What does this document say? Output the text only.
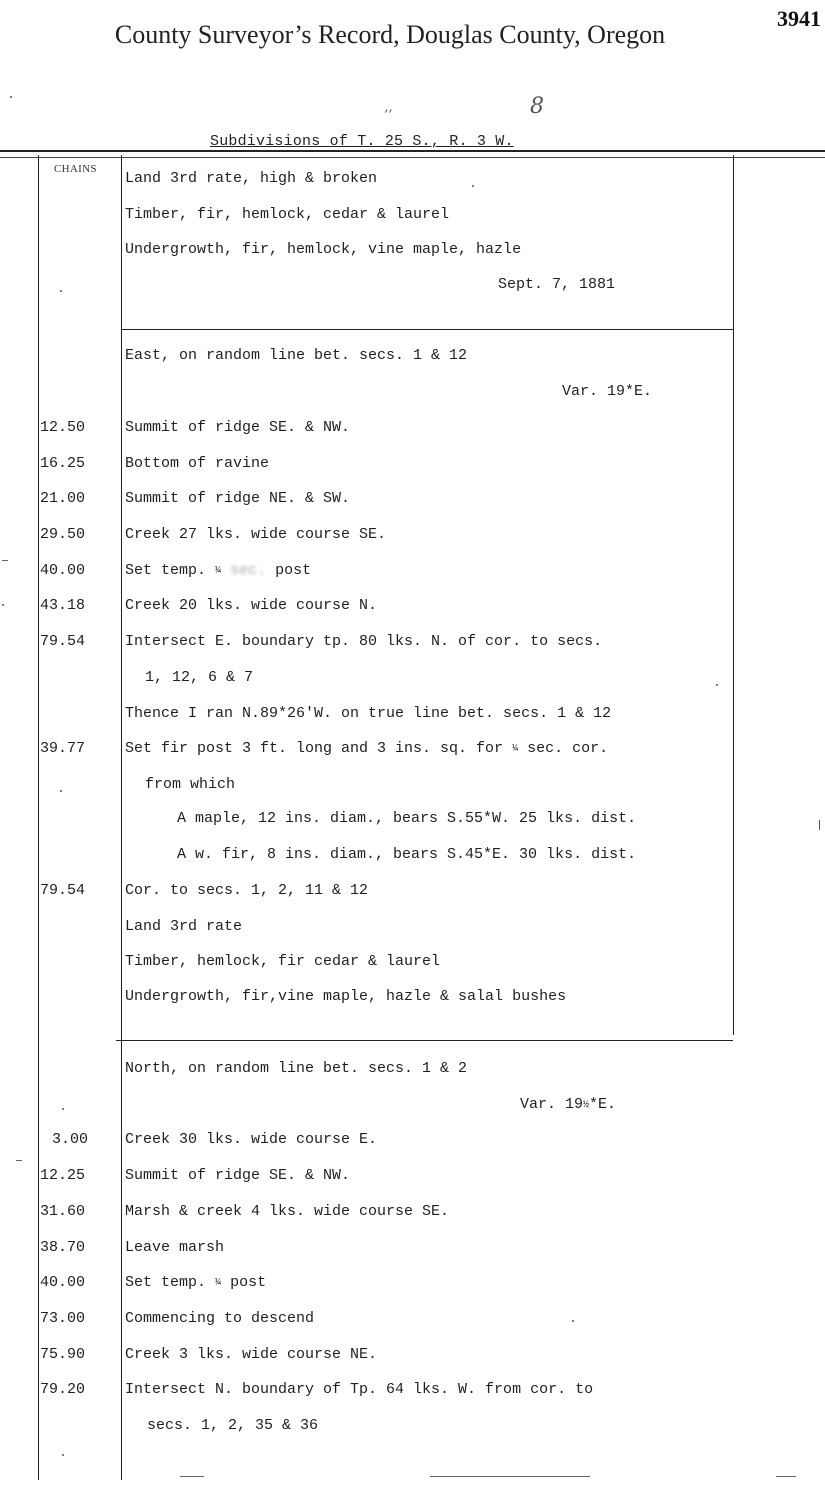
County Surveyor’s Record, Douglas County, Oregon
3941
’’	8
Subdivisions of T. 25 S., R. 3 W.
CHAINS
Land 3rd rate, high & broken
Timber, fir, hemlock, cedar & laurel
Undergrowth, fir, hemlock, vine maple, hazle
Sept. 7, 1881
East, on random line bet. secs. 1 & 12
Var. 19*E.
12.50	Summit of ridge SE. & NW.
16.25	Bottom of ravine
21.00	Summit of ridge NE. & SW.
29.50	Creek 27 lks. wide course SE.
40.00	Set temp. ¼ sec. post
43.18	Creek 20 lks. wide course N.
79.54	Intersect E. boundary tp. 80 lks. N. of cor. to secs.
1, 12, 6 & 7
Thence I ran N.89*26'W. on true line bet. secs. 1 & 12
39.77	Set fir post 3 ft. long and 3 ins. sq. for ¼ sec. cor.
from which
A maple, 12 ins. diam., bears S.55*W. 25 lks. dist.
A w. fir, 8 ins. diam., bears S.45*E. 30 lks. dist.
79.54	Cor. to secs. 1, 2, 11 & 12
Land 3rd rate
Timber, hemlock, fir cedar & laurel
Undergrowth, fir,vine maple, hazle & salal bushes
North, on random line bet. secs. 1 & 2
Var. 19½*E.
3.00 Creek 30 lks. wide course E.
12.25	Summit of ridge SE. & NW.
31.60	Marsh & creek 4 lks. wide course SE.
38.70	Leave marsh
40.00	Set temp. ¼ post
73.00	Commencing to descend
75.90	Creek 3 lks. wide course NE.
79.20	Intersect N. boundary of Tp. 64 lks. W. from cor. to
secs. 1, 2, 35 & 36
